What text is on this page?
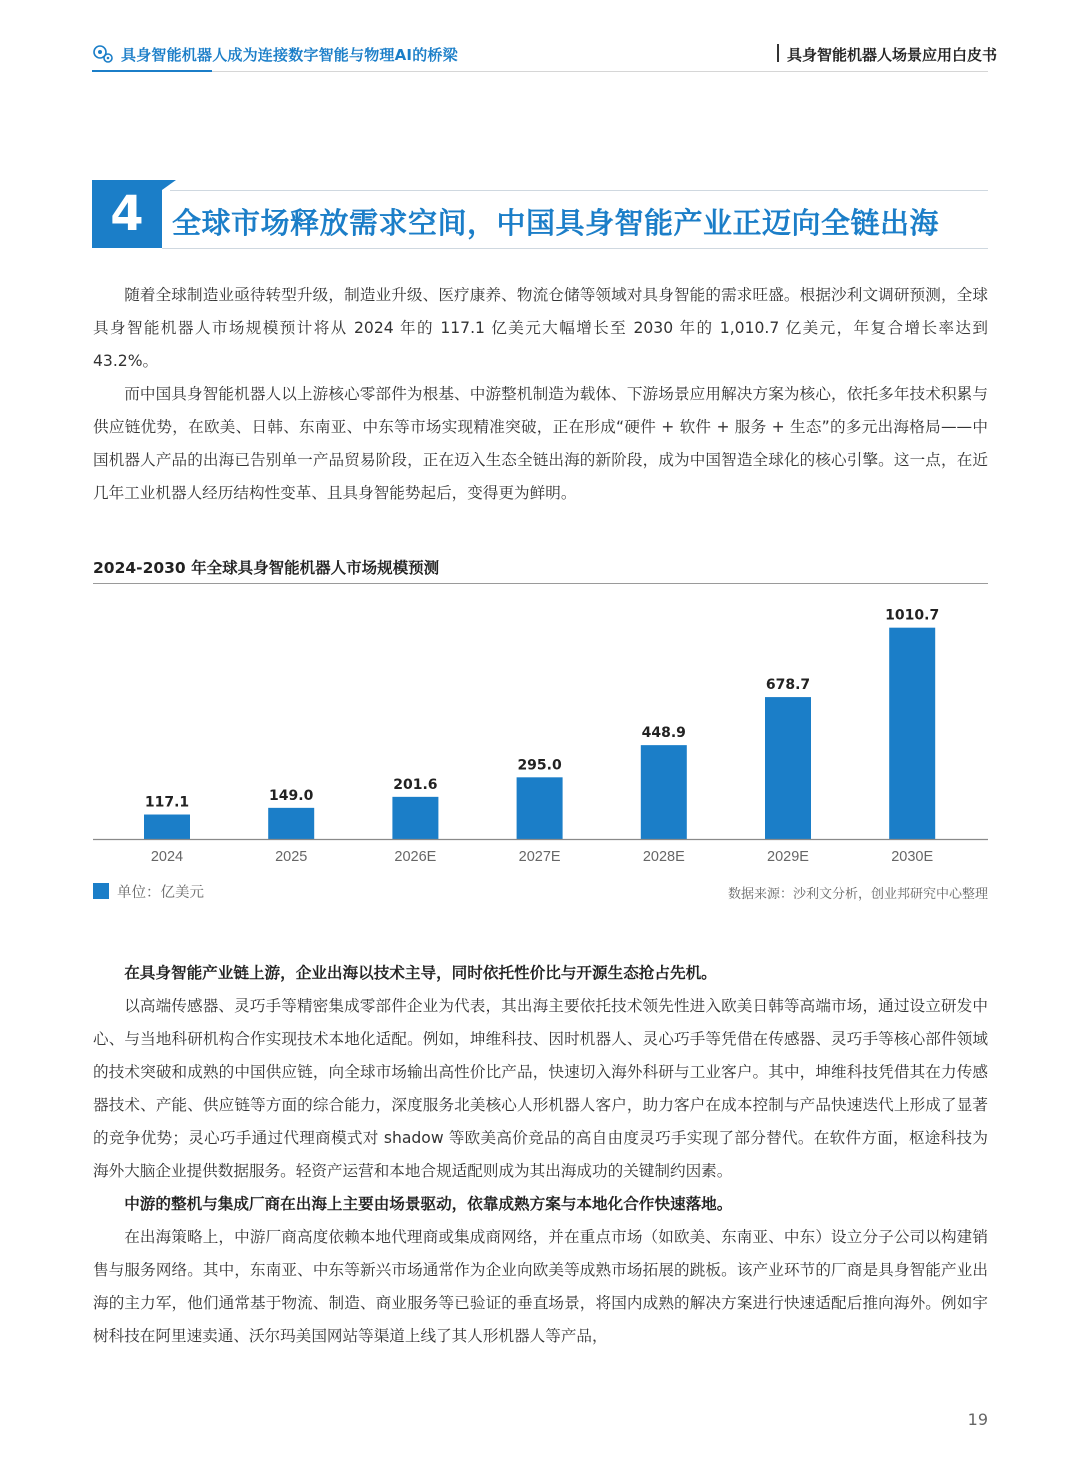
具身智能机器人成为连接数字智能与物理AI的桥梁	具身智能机器人场景应用白皮书
4 全球市场释放需求空间，中国具身智能产业正迈向全链出海

随着全球制造业亟待转型升级，制造业升级、医疗康养、物流仓储等领域对具身智能的需求旺盛。根据沙利文调研预测，全球具身智能机器人市场规模预计将从 2024 年的 117.1 亿美元大幅增长至 2030 年的 1,010.7 亿美元，年复合增长率达到 43.2%。

而中国具身智能机器人以上游核心零部件为根基、中游整机制造为载体、下游场景应用解决方案为核心，依托多年技术积累与供应链优势，在欧美、日韩、东南亚、中东等市场实现精准突破，正在形成“硬件 + 软件 + 服务 + 生态”的多元出海格局——中国机器人产品的出海已告别单一产品贸易阶段，正在迈入生态全链出海的新阶段，成为中国智造全球化的核心引擎。这一点，在近几年工业机器人经历结构性变革、且具身智能势起后，变得更为鲜明。

2024-2030 年全球具身智能机器人市场规模预测
117.1
2024
149.0
2025
201.6
2026E
295.0
2027E
448.9
2028E
678.7
2029E
1010.7
2030E
单位：亿美元	数据来源：沙利文分析，创业邦研究中心整理

在具身智能产业链上游，企业出海以技术主导，同时依托性价比与开源生态抢占先机。

以高端传感器、灵巧手等精密集成零部件企业为代表，其出海主要依托技术领先性进入欧美日韩等高端市场，通过设立研发中心、与当地科研机构合作实现技术本地化适配。例如，坤维科技、因时机器人、灵心巧手等凭借在传感器、灵巧手等核心部件领域的技术突破和成熟的中国供应链，向全球市场输出高性价比产品，快速切入海外科研与工业客户。其中，坤维科技凭借其在力传感器技术、产能、供应链等方面的综合能力，深度服务北美核心人形机器人客户，助力客户在成本控制与产品快速迭代上形成了显著的竞争优势；灵心巧手通过代理商模式对 shadow 等欧美高价竞品的高自由度灵巧手实现了部分替代。在软件方面，枢途科技为海外大脑企业提供数据服务。轻资产运营和本地合规适配则成为其出海成功的关键制约因素。

中游的整机与集成厂商在出海上主要由场景驱动，依靠成熟方案与本地化合作快速落地。

在出海策略上，中游厂商高度依赖本地代理商或集成商网络，并在重点市场（如欧美、东南亚、中东）设立分子公司以构建销售与服务网络。其中，东南亚、中东等新兴市场通常作为企业向欧美等成熟市场拓展的跳板。该产业环节的厂商是具身智能产业出海的主力军，他们通常基于物流、制造、商业服务等已验证的垂直场景，将国内成熟的解决方案进行快速适配后推向海外。例如宇树科技在阿里速卖通、沃尔玛美国网站等渠道上线了其人形机器人等产品，

19
